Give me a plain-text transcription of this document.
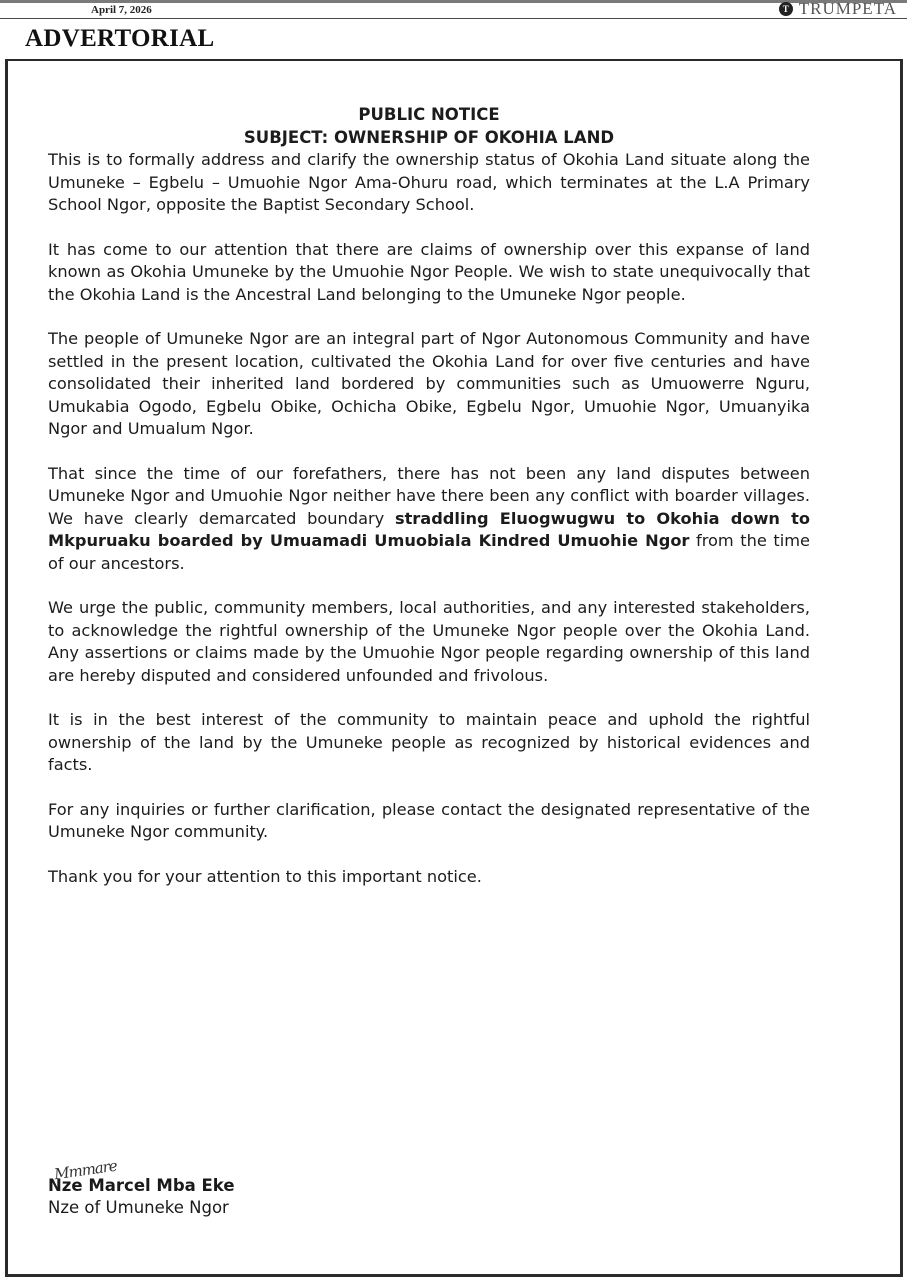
April 7, 2026	T TRUMPETA
ADVERTORIAL
PUBLIC NOTICE
SUBJECT: OWNERSHIP OF OKOHIA LAND

This is to formally address and clarify the ownership status of Okohia Land situate along the Umuneke – Egbelu – Umuohie Ngor Ama-Ohuru road, which terminates at the L.A Primary School Ngor, opposite the Baptist Secondary School.

It has come to our attention that there are claims of ownership over this expanse of land known as Okohia Umuneke by the Umuohie Ngor People. We wish to state unequivocally that the Okohia Land is the Ancestral Land belonging to the Umuneke Ngor people.

The people of Umuneke Ngor are an integral part of Ngor Autonomous Community and have settled in the present location, cultivated the Okohia Land for over five centuries and have consolidated their inherited land bordered by communities such as Umuowerre Nguru, Umukabia Ogodo, Egbelu Obike, Ochicha Obike, Egbelu Ngor, Umuohie Ngor, Umuanyika Ngor and Umualum Ngor.

That since the time of our forefathers, there has not been any land disputes between Umuneke Ngor and Umuohie Ngor neither have there been any conflict with boarder villages. We have clearly demarcated boundary straddling Eluogwugwu to Okohia down to Mkpuruaku boarded by Umuamadi Umuobiala Kindred Umuohie Ngor from the time of our ancestors.

We urge the public, community members, local authorities, and any interested stakeholders, to acknowledge the rightful ownership of the Umuneke Ngor people over the Okohia Land. Any assertions or claims made by the Umuohie Ngor people regarding ownership of this land are hereby disputed and considered unfounded and frivolous.

It is in the best interest of the community to maintain peace and uphold the rightful ownership of the land by the Umuneke people as recognized by historical evidences and facts.

For any inquiries or further clarification, please contact the designated representative of the Umuneke Ngor community.

Thank you for your attention to this important notice.

Mmmare
Nze Marcel Mba Eke
Nze of Umuneke Ngor
